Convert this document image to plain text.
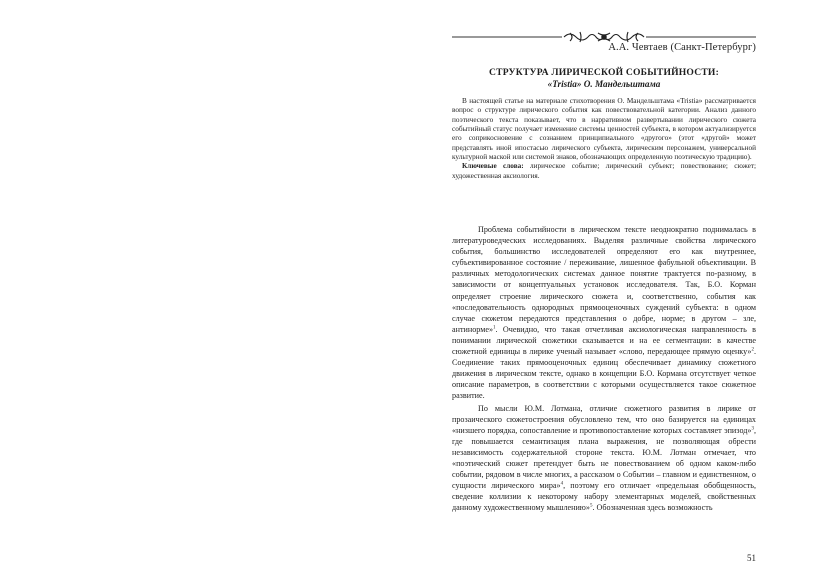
А.А. Чевтаев (Санкт-Петербург)
СТРУКТУРА ЛИРИЧЕСКОЙ СОБЫТИЙНОСТИ:
«Tristia» О. Мандельштама

В настоящей статье на материале стихотворения О. Мандельштама «Tristia» рассматривается вопрос о структуре лирического события как повествовательной категории. Анализ данного поэтического текста показывает, что в нарративном развертывании лирического сюжета событийный статус получает изменение системы ценностей субъекта, в котором актуализируется его соприкосновение с сознанием принципиального «другого» (этот «другой» может представлять иной ипостасью лирического субъекта, лирическим персонажем, универсальной культурной маской или системой знаков, обозначающих определенную поэтическую традицию).

Ключевые слова: лирическое событие; лирический субъект; повествование; сюжет; художественная аксиология.

Проблема событийности в лирическом тексте неоднократно поднималась в литературоведческих исследованиях. Выделяя различные свойства лирического события, большинство исследователей определяют его как внутреннее, субъективированное состояние / переживание, лишенное фабульной объективации. В различных методологических системах данное понятие трактуется по-разному, в зависимости от концептуальных установок исследователя. Так, Б.О. Корман определяет строение лирического сюжета и, соответственно, события как «последовательность однородных прямооценочных суждений субъекта: в одном случае сюжетом передаются представления о добре, норме; в другом – зле, антинорме»$^1$. Очевидно, что такая отчетливая аксиологическая направленность в понимании лирической сюжетики сказывается и на ее сегментации: в качестве сюжетной единицы в лирике ученый называет «слово, передающее прямую оценку»$^2$. Соединение таких прямооценочных единиц обеспечивает динамику сюжетного движения в лирическом тексте, однако в концепции Б.О. Кормана отсутствует четкое описание параметров, в соответствии с которыми осуществляется такое сюжетное развитие.

По мысли Ю.М. Лотмана, отличие сюжетного развития в лирике от прозаического сюжетостроения обусловлено тем, что оно базируется на единицах «низшего порядка, сопоставление и противопоставление которых составляет эпизод»$^3$, где повышается семантизация плана выражения, не позволяющая обрести независимость содержательной стороне текста. Ю.М. Лотман отмечает, что «поэтический сюжет претендует быть не повествованием об одном каком-либо событии, рядовом в числе многих, а рассказом о Событии – главном и единственном, о сущности лирического мира»$^4$, поэтому его отличает «предельная обобщенность, сведение коллизии к некоторому набору элементарных моделей, свойственных данному художественному мышлению»$^5$. Обозначенная здесь возможность

51
